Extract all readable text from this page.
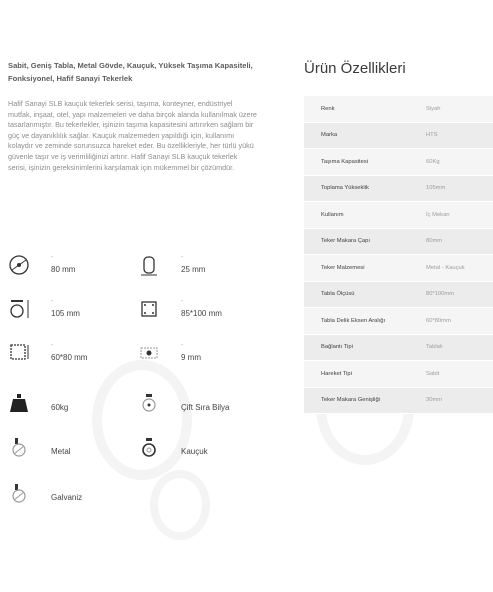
Sabit, Geniş Tabla, Metal Gövde, Kauçuk, Yüksek Taşıma Kapasiteli, Fonksiyonel, Hafif Sanayi Tekerlek
Hafif Sanayi SLB kauçuk tekerlek serisi, taşıma, konteyner, endüstriyel mutfak, inşaat, otel, yapı malzemeleri ve daha birçok alanda kullanılmak üzere tasarlanmıştır. Bu tekerlekler, işinizin taşıma kapasitesini artırırken sağlam bir güç ve dayanıklılık sağlar. Kauçuk malzemeden yapıldığı için, kullanımı kolaydır ve zeminde sorunsuzca hareket eder. Bu özellikleriyle, her türlü yükü güvenle taşır ve iş verimliliğinizi artırır. Hafif Sanayi SLB kauçuk tekerlek serisi, işinizin gereksinimlerini karşılamak için mükemmel bir çözümdür.
-
80 mm
-
25 mm
-
105 mm
-
85*100 mm
-
60*80 mm
-
9 mm
60kg	Çift Sıra Bilya
Metal	Kauçuk
Galvaniz
Ürün Özellikleri
Renk	Siyah
Marka	HTS
Taşıma Kapasitesi	60Kg
Toplama Yükseklik	105mm
Kullanım	İç Mekan
Teker Makara Çapı	80mm
Teker Malzemesi	Metal - Kauçuk
Tabla Ölçüsü	80*100mm
Tabla Delik Eksen Aralığı	60*80mm
Bağlantı Tipi	Tablalı
Hareket Tipi	Sabit
Teker Makara Genişliği	30mm
